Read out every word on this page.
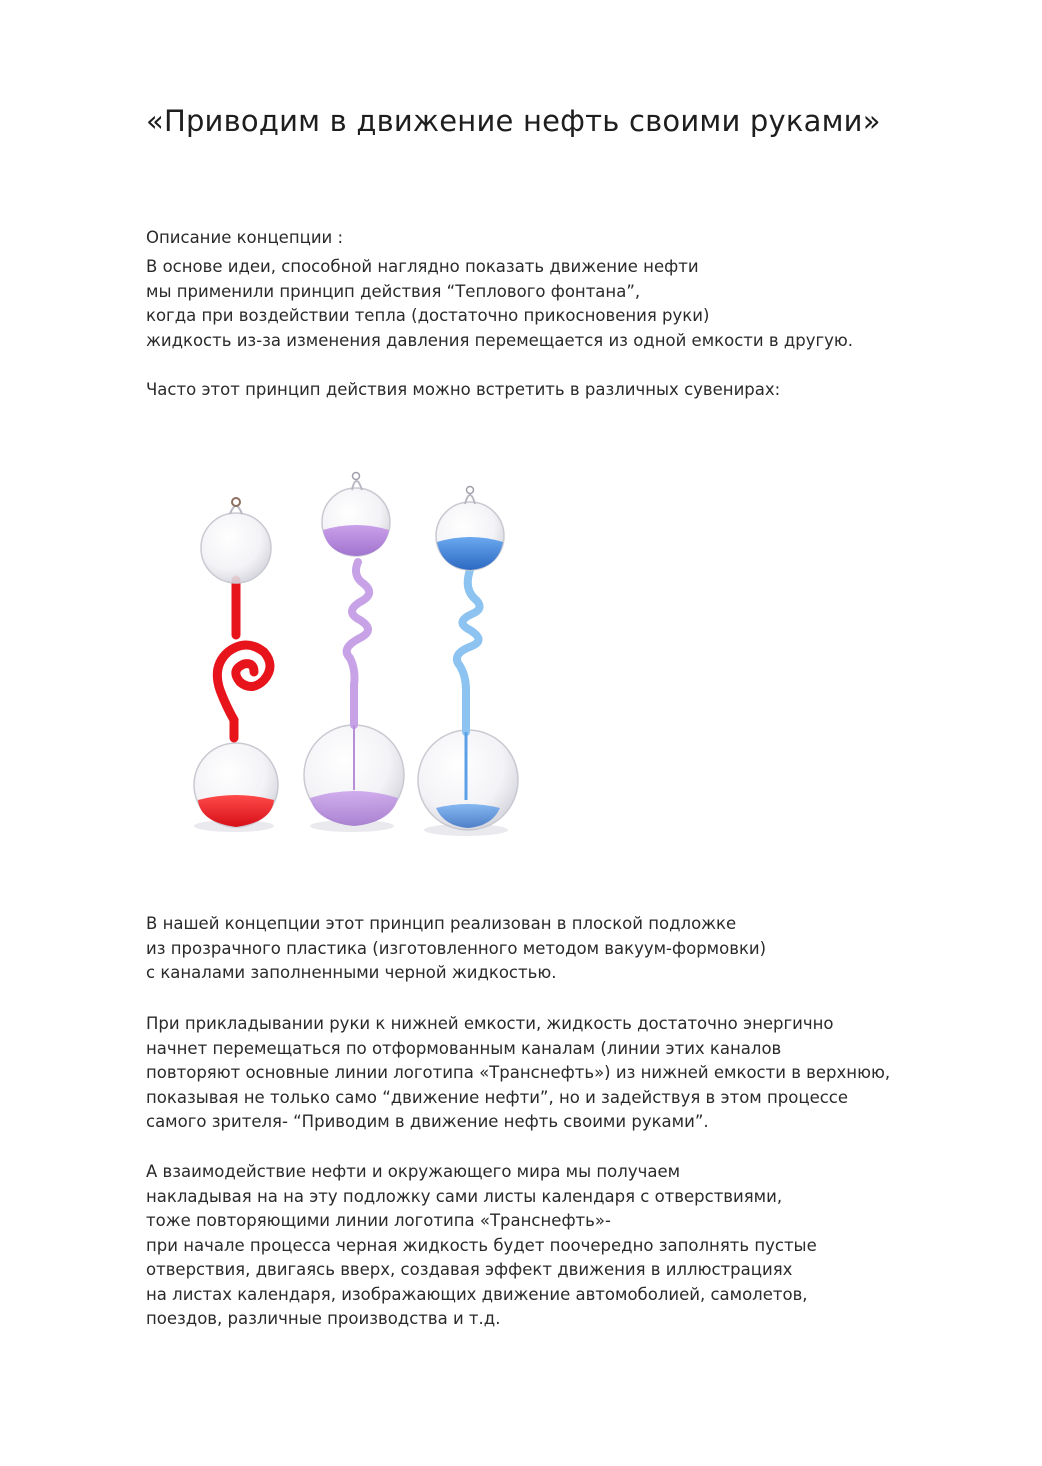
«Приводим в движение нефть своими руками»

Описание концепции :

В основе идеи, способной наглядно показать движение нефти
мы применили принцип действия “Теплового фонтана”,
когда при воздействии тепла (достаточно прикосновения руки)
жидкость из-за изменения давления перемещается из одной емкости в другую.

Часто этот принцип действия можно встретить в различных сувенирах:

В нашей концепции этот принцип реализован в плоской подложке
из прозрачного пластика (изготовленного методом вакуум-формовки)
с каналами заполненными черной жидкостью.

При прикладывании руки к нижней емкости, жидкость достаточно энергично
начнет перемещаться по отформованным каналам (линии этих каналов
повторяют основные линии логотипа «Транснефть») из нижней емкости в верхнюю,
показывая не только само “движение нефти”, но и задействуя в этом процессе
самого зрителя- “Приводим в движение нефть своими руками”.

А взаимодействие нефти и окружающего мира мы получаем
накладывая на на эту подложку сами листы календаря с отверствиями,
тоже повторяющими линии логотипа «Транснефть»-
при начале процесса черная жидкость будет поочередно заполнять пустые
отверствия, двигаясь вверх, создавая эффект движения в иллюстрациях
на листах календаря, изображающих движение автомоболией, самолетов,
поездов, различные производства и т.д.
